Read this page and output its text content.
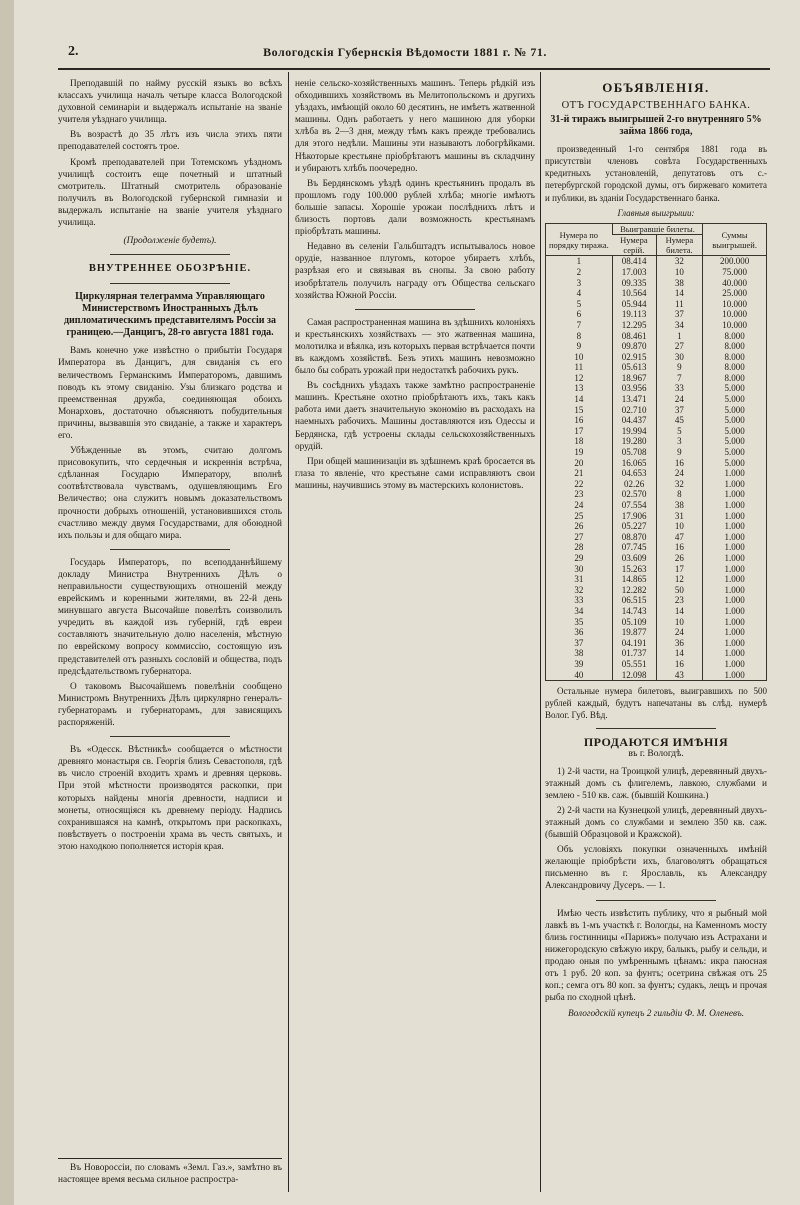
2.	Вологодскія Губернскія Вѣдомости 1881 г. № 71.

Преподавшій по найму русскій языкъ во всѣхъ классахъ училища началъ четыре класса Вологодской духовной семинаріи и выдержалъ испытаніе на званіе учителя уѣзднаго училища.

Въ возрастѣ до 35 лѣтъ изъ числа этихъ пяти преподавателей состоятъ трое.

Кромѣ преподавателей при Тотемскомъ уѣздномъ училищѣ состоитъ еще почетный и штатный смотритель. Штатный смотритель образованіе получилъ въ Вологодской губернской гимназіи и выдержалъ испытаніе на званіе учителя уѣзднаго училища.

(Продолженіе будетъ).

ВНУТРЕННЕЕ ОБОЗРѢНІЕ.

Циркулярная телеграмма Управляющаго Министерствомъ Иностранныхъ Дѣлъ дипломатическимъ представителямъ Россіи за границею.—Данцигъ, 28-го августа 1881 года.

Вамъ конечно уже извѣстно о прибытіи Государя Императора въ Данцигъ, для свиданія съ его величествомъ Германскимъ Императоромъ, давшимъ поводъ къ этому свиданію. Узы близкаго родства и преемственная дружба, соединяющая обоихъ Монарховъ, достаточно объясняютъ побудительныя причины, вызвавшія это свиданіе, а также и характеръ его.

Убѣжденные въ этомъ, считаю долгомъ присовокупить, что сердечныя и искреннія встрѣча, сдѣланная Государю Императору, вполнѣ соотвѣтствовала чувствамъ, одушевляющимъ Его Величество; она служитъ новымъ доказательствомъ прочности добрыхъ отношеній, установившихся столь счастливо между двумя Государствами, для обоюдной ихъ пользы и для общаго мира.

Государь Императоръ, по всеподданнѣйшему докладу Министра Внутреннихъ Дѣлъ о неправильности существующихъ отношеній между еврейскимъ и коренными жителями, въ 22-й день минувшаго августа Высочайше повелѣть соизволилъ учредить въ каждой изъ губерній, гдѣ евреи составляютъ значительную долю населенія, мѣстную по еврейскому вопросу коммиссію, состоящую изъ представителей отъ разныхъ сословій и общества, подъ предсѣдательствомъ губернатора.

О таковомъ Высочайшемъ повелѣніи сообщено Министромъ Внутреннихъ Дѣлъ циркулярно генералъ-губернаторамъ и губернаторамъ, для зависящихъ распоряженій.

Въ «Одесск. Вѣстникѣ» сообщается о мѣстности древняго монастыря св. Георгія близъ Севастополя, гдѣ въ число строеній входитъ храмъ и древняя церковь. При этой мѣстности производятся раскопки, при которыхъ найдены многія древности, надписи и монеты, относящіяся къ древнему періоду. Надпись сохранившаяся на камнѣ, открытомъ при раскопкахъ, повѣствуетъ о построеніи храма въ честь святыхъ, и этою находкою пополняется исторія края.

Въ Новороссіи, по словамъ «Земл. Газ.», замѣтно въ настоящее время весьма сильное распростра-

неніе сельско-хозяйственныхъ машинъ. Теперь рѣдкій изъ обходившихъ хозяйствомъ въ Мелитопольскомъ и другихъ уѣздахъ, имѣющій около 60 десятинъ, не имѣетъ жатвенной машины. Однъ работаетъ у него машиною для уборки хлѣба въ 2—3 дня, между тѣмъ какъ прежде требовались для этого недѣли. Машины эти называютъ лобогрѣйками. Нѣкоторые крестьяне пріобрѣтаютъ машины въ складчину и убираютъ хлѣбъ поочередно.

Въ Бердянскомъ уѣздѣ одинъ крестьянинъ продалъ въ прошломъ году 100.000 рублей хлѣба; многіе имѣютъ большіе запасы. Хорошіе урожаи послѣднихъ лѣтъ и близость портовъ дали возможность крестьянамъ пріобрѣтать машины.

Недавно въ селеніи Гальбштадтъ испытывалось новое орудіе, названное плугомъ, которое убираетъ хлѣбъ, разрѣзая его и связывая въ снопы. За свою работу изобрѣтатель получилъ награду отъ Общества сельскаго хозяйства Южной Россіи.

Самая распространенная машина въ здѣшнихъ колоніяхъ и крестьянскихъ хозяйствахъ — это жатвенная машина, молотилка и вѣялка, изъ которыхъ первая встрѣчается почти въ каждомъ хозяйствѣ. Безъ этихъ машинъ невозможно было бы собрать урожай при недостаткѣ рабочихъ рукъ.

Въ сосѣднихъ уѣздахъ также замѣтно распространеніе машинъ. Крестьяне охотно пріобрѣтаютъ ихъ, такъ какъ работа ими даетъ значительную экономію въ расходахъ на наемныхъ рабочихъ. Машины доставляются изъ Одессы и Бердянска, гдѣ устроены склады сельскохозяйственныхъ орудій.

При общей машинизаціи въ здѣшнемъ краѣ бросается въ глаза то явленіе, что крестьяне сами исправляютъ свои машины, научившись этому въ мастерскихъ колонистовъ.

ОБЪЯВЛЕНІЯ.
ОТЪ ГОСУДАРСТВЕННАГО БАНКА.
31-й тиражъ выигрышей 2-го внутренняго 5% займа 1866 года,

произведенный 1-го сентября 1881 года въ присутствіи членовъ совѣта Государственныхъ кредитныхъ установленій, депутатовъ отъ с.-петербургской городской думы, отъ биржеваго комитета и публики, въ зданіи Государственнаго банка.

Главныя выигрыши:
Нумера по порядку тиража.	Выигравшіе билеты.		Суммы выигрышей.
	Нумера серій.	Нумера билета.	
1	08.414	32	200.000
2	17.003	10	75.000
3	09.335	38	40.000
4	10.564	14	25.000
5	05.944	11	10.000
6	19.113	37	10.000
7	12.295	34	10.000
8	08.461	1	8.000
9	09.870	27	8.000
10	02.915	30	8.000
11	05.613	9	8.000
12	18.967	7	8.000
13	03.956	33	5.000
14	13.471	24	5.000
15	02.710	37	5.000
16	04.437	45	5.000
17	19.994	5	5.000
18	19.280	3	5.000
19	05.708	9	5.000
20	16.065	16	5.000
21	04.653	24	1.000
22	02.26	32	1.000
23	02.570	8	1.000
24	07.554	38	1.000
25	17.906	31	1.000
26	05.227	10	1.000
27	08.870	47	1.000
28	07.745	16	1.000
29	03.609	26	1.000
30	15.263	17	1.000
31	14.865	12	1.000
32	12.282	50	1.000
33	06.515	23	1.000
34	14.743	14	1.000
35	05.109	10	1.000
36	19.877	24	1.000
37	04.191	36	1.000
38	01.737	14	1.000
39	05.551	16	1.000
40	12.098	43	1.000

Остальные нумера билетовъ, выигравшихъ по 500 рублей каждый, будутъ напечатаны въ слѣд. нумерѣ Волог. Губ. Вѣд.

ПРОДАЮТСЯ ИМѢНІЯ
въ г. Вологдѣ.

1) 2-й части, на Троицкой улицѣ, деревянный двухъ-этажный домъ съ флигелемъ, лавкою, службами и землею - 510 кв. саж. (бывшій Кошкина.)

2) 2-й части на Кузнецкой улицѣ, деревянный двухъ-этажный домъ со службами и землею 350 кв. саж. (бывшій Образцовой и Кражской).

Объ условіяхъ покупки означенныхъ имѣній желающіе пріобрѣсти ихъ, благоволятъ обращаться письменно въ г. Ярославль, къ Александру Александровичу Дусеръ. — 1.

Имѣю честь извѣстить публику, что я рыбный мой лавкѣ въ 1-мъ участкѣ г. Вологды, на Каменномъ мосту близь гостинницы «Парижъ» получаю изъ Астрахани и нижегородскую свѣжую икру, балыкъ, рыбу и сельди, и продаю оныя по умѣреннымъ цѣнамъ: икра паюсная отъ 1 руб. 20 коп. за фунтъ; осетрина свѣжая отъ 25 коп.; семга отъ 80 коп. за фунтъ; судакъ, лещъ и прочая рыба по сходной цѣнѣ.

Вологодскій купецъ 2 гильдіи Ф. М. Оленевъ.
